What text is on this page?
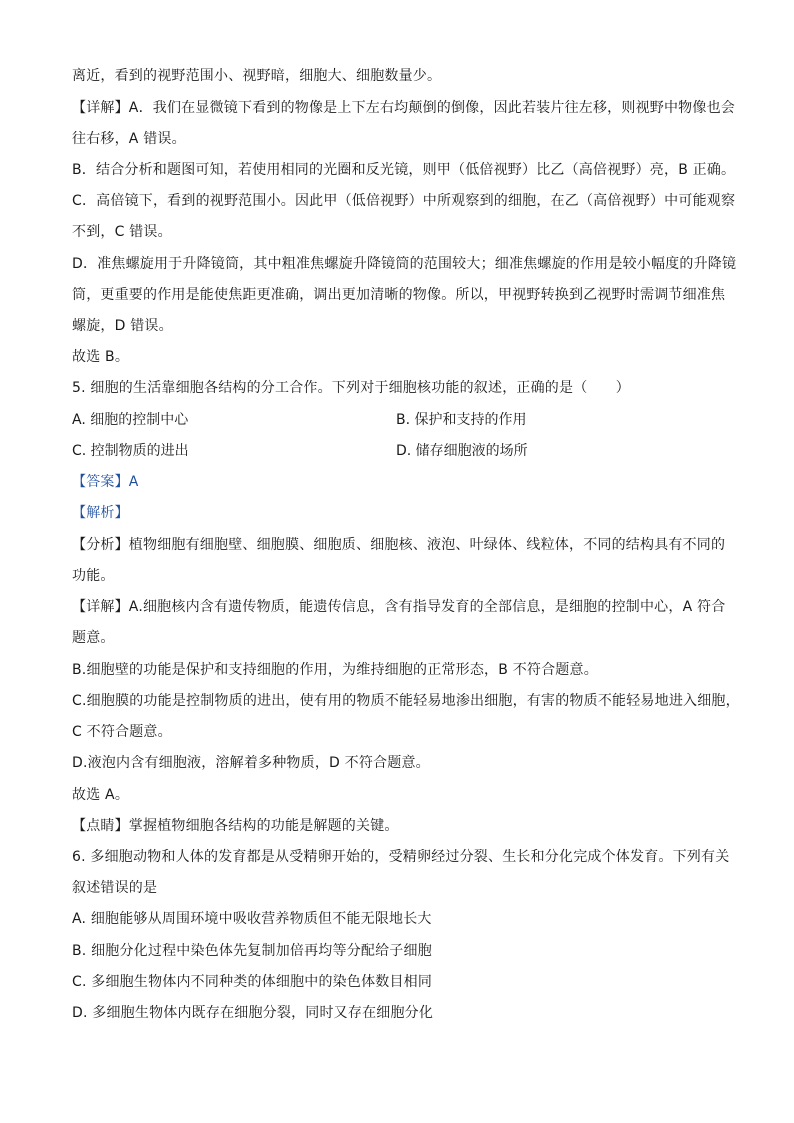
离近，看到的视野范围小、视野暗，细胞大、细胞数量少。
【详解】A．我们在显微镜下看到的物像是上下左右均颠倒的倒像，因此若装片往左移，则视野中物像也会
往右移，A 错误。
B．结合分析和题图可知，若使用相同的光圈和反光镜，则甲（低倍视野）比乙（高倍视野）亮，B 正确。
C．高倍镜下，看到的视野范围小。因此甲（低倍视野）中所观察到的细胞，在乙（高倍视野）中可能观察
不到，C 错误。
D．准焦螺旋用于升降镜筒，其中粗准焦螺旋升降镜筒的范围较大；细准焦螺旋的作用是较小幅度的升降镜
筒，更重要的作用是能使焦距更准确，调出更加清晰的物像。所以，甲视野转换到乙视野时需调节细准焦
螺旋，D 错误。
故选 B。
5. 细胞的生活靠细胞各结构的分工合作。下列对于细胞核功能的叙述，正确的是（　　）
A. 细胞的控制中心	B. 保护和支持的作用
C. 控制物质的进出	D. 储存细胞液的场所
【答案】A
【解析】
【分析】植物细胞有细胞壁、细胞膜、细胞质、细胞核、液泡、叶绿体、线粒体，不同的结构具有不同的
功能。
【详解】A.细胞核内含有遗传物质，能遗传信息，含有指导发育的全部信息，是细胞的控制中心，A 符合
题意。
B.细胞壁的功能是保护和支持细胞的作用，为维持细胞的正常形态，B 不符合题意。
C.细胞膜的功能是控制物质的进出，使有用的物质不能轻易地渗出细胞，有害的物质不能轻易地进入细胞，
C 不符合题意。
D.液泡内含有细胞液，溶解着多种物质，D 不符合题意。
故选 A。
【点睛】掌握植物细胞各结构的功能是解题的关键。
6. 多细胞动物和人体的发育都是从受精卵开始的，受精卵经过分裂、生长和分化完成个体发育。下列有关
叙述错误的是
A. 细胞能够从周围环境中吸收营养物质但不能无限地长大
B. 细胞分化过程中染色体先复制加倍再均等分配给子细胞
C. 多细胞生物体内不同种类的体细胞中的染色体数目相同
D. 多细胞生物体内既存在细胞分裂，同时又存在细胞分化
